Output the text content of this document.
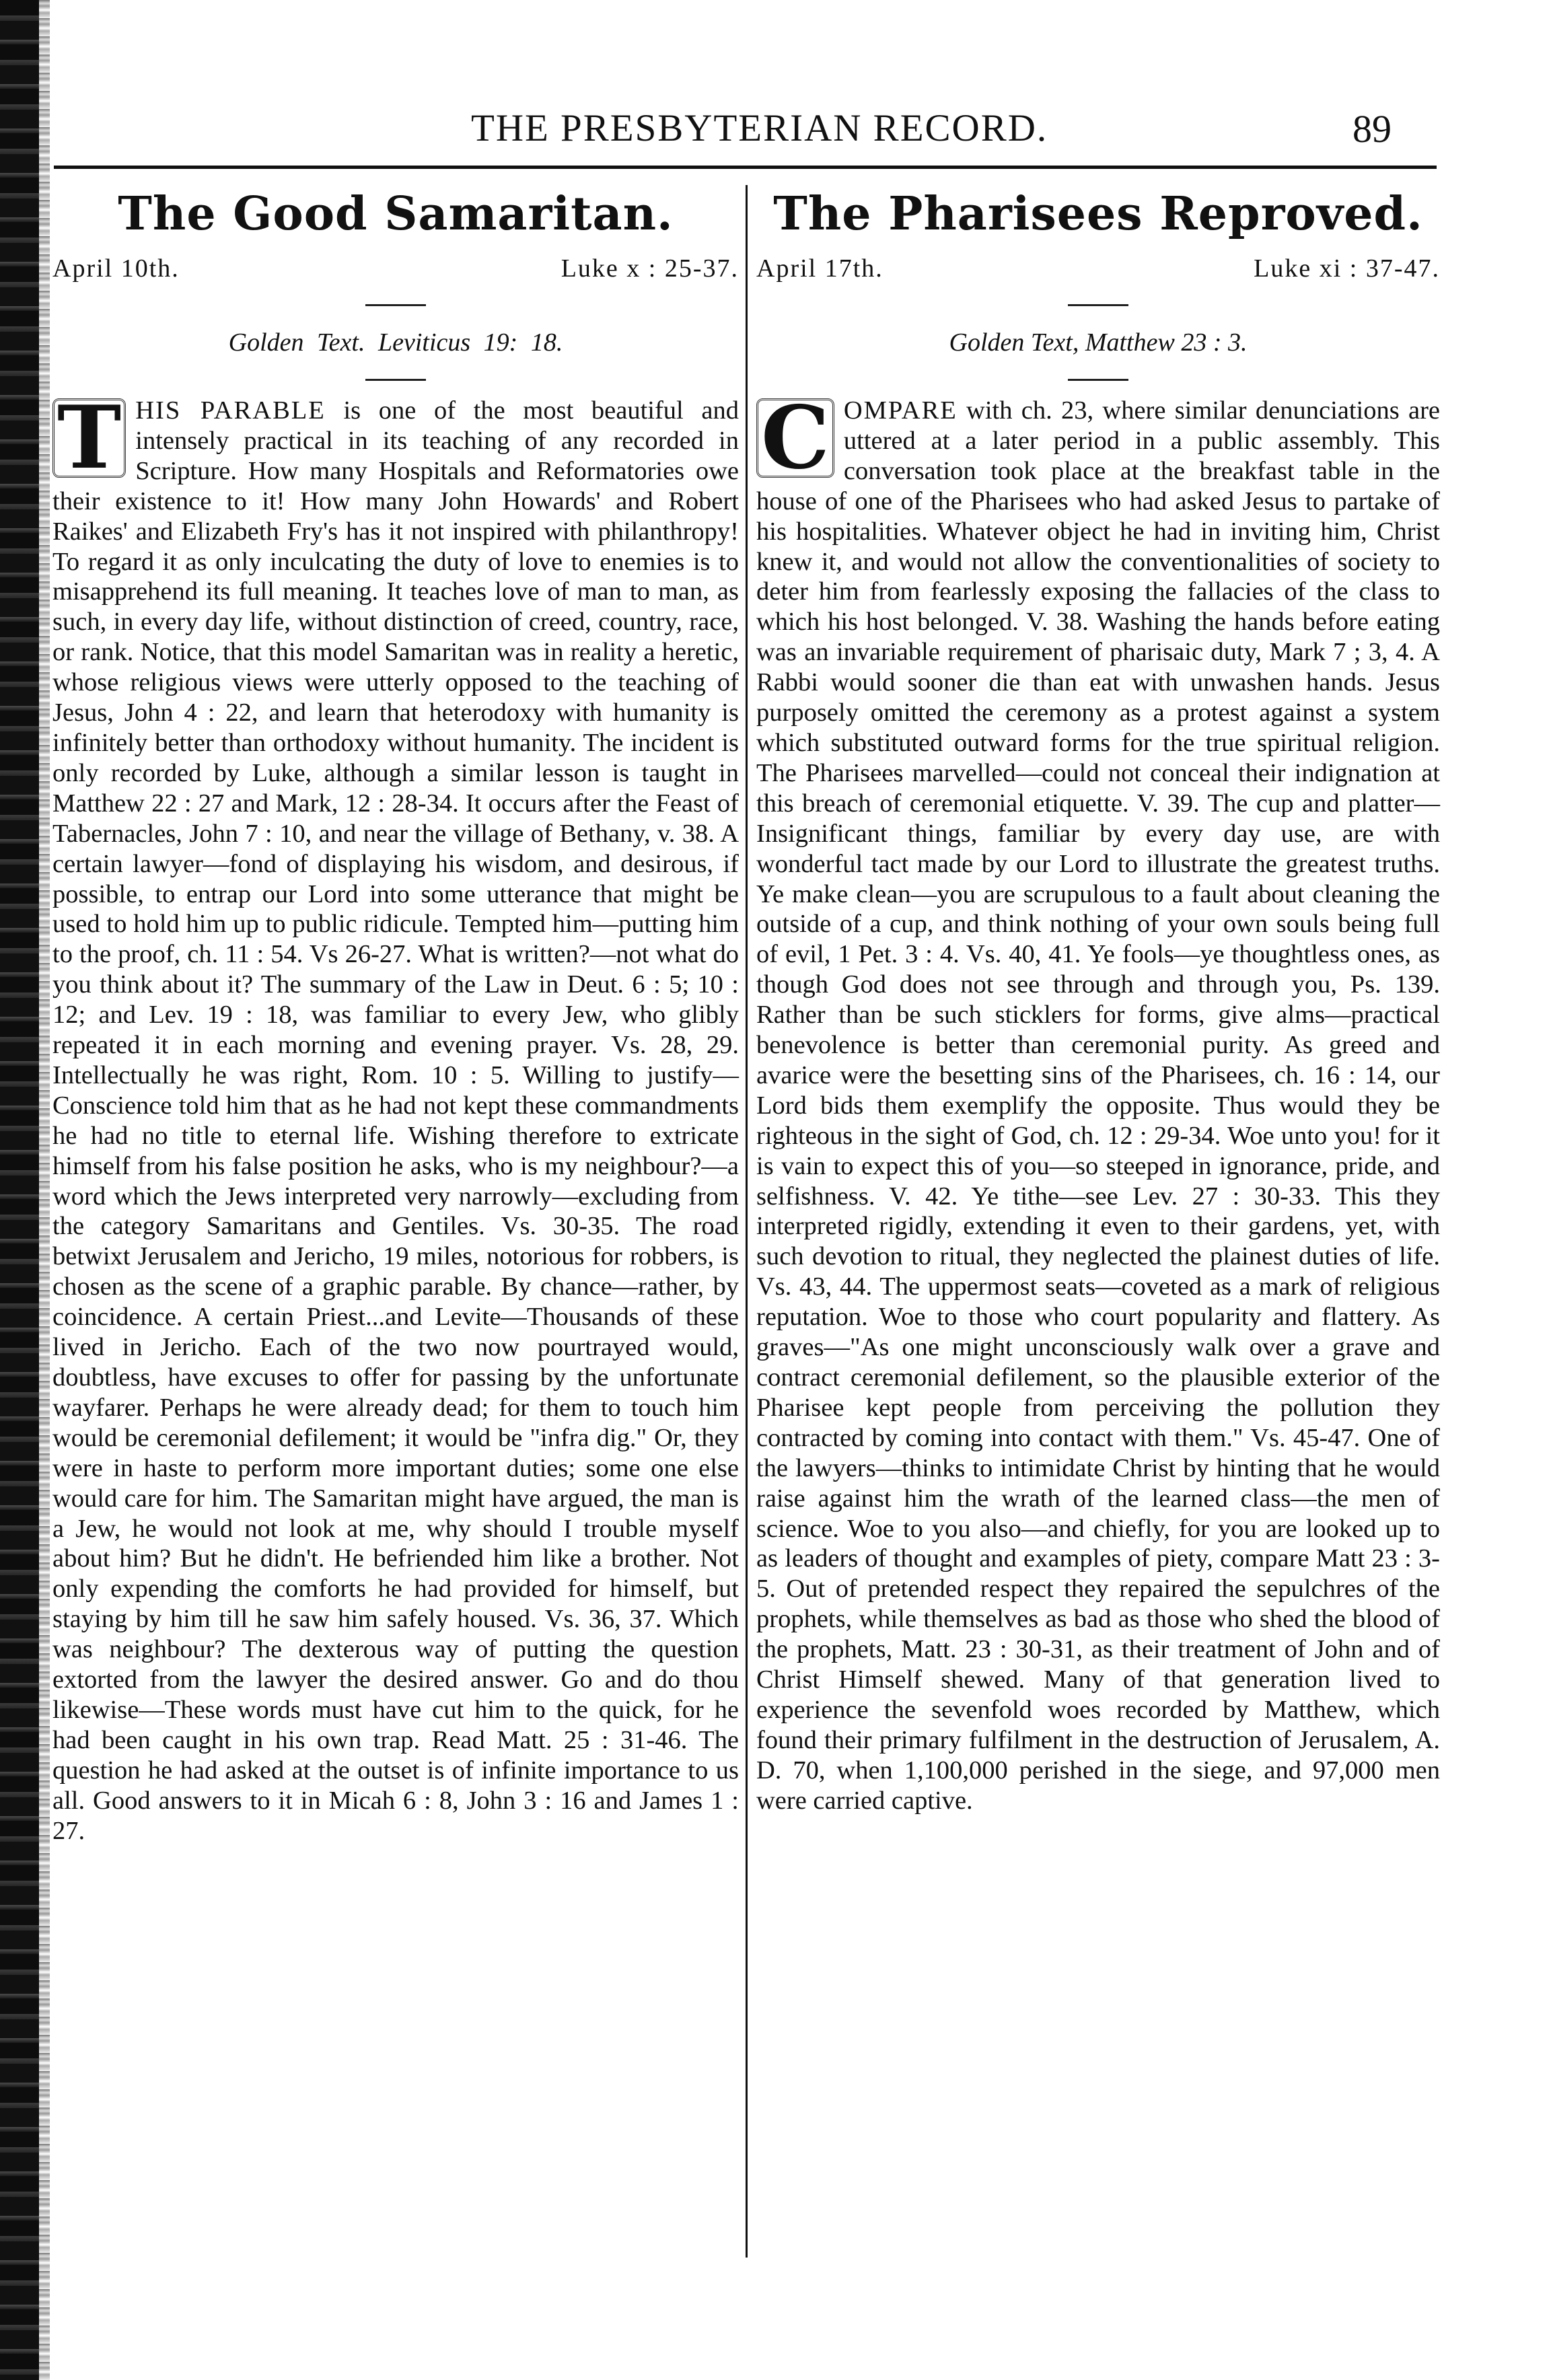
THE PRESBYTERIAN RECORD.	89
The Good Samaritan.
April 10th.	Luke x : 25-37.
Golden Text. Leviticus 19: 18.
T HIS PARABLE is one of the most beautiful and intensely practical in its teaching of any recorded in Scripture. How many Hospitals and Reformatories owe their existence to it! How many John Howards' and Robert Raikes' and Elizabeth Fry's has it not inspired with philanthropy! To regard it as only inculcating the duty of love to enemies is to misapprehend its full meaning. It teaches love of man to man, as such, in every day life, without distinction of creed, country, race, or rank. Notice, that this model Samaritan was in reality a heretic, whose religious views were utterly opposed to the teaching of Jesus, John 4 : 22, and learn that heterodoxy with humanity is infinitely better than orthodoxy without humanity. The incident is only recorded by Luke, although a similar lesson is taught in Matthew 22 : 27 and Mark, 12 : 28-34. It occurs after the Feast of Tabernacles, John 7 : 10, and near the village of Bethany, v. 38. A certain lawyer—fond of displaying his wisdom, and desirous, if possible, to entrap our Lord into some utterance that might be used to hold him up to public ridicule. Tempted him—putting him to the proof, ch. 11 : 54. Vs 26-27. What is written?—not what do you think about it? The summary of the Law in Deut. 6 : 5; 10 : 12; and Lev. 19 : 18, was familiar to every Jew, who glibly repeated it in each morning and evening prayer. Vs. 28, 29. Intellectually he was right, Rom. 10 : 5. Willing to justify—Conscience told him that as he had not kept these commandments he had no title to eternal life. Wishing therefore to extricate himself from his false position he asks, who is my neighbour?—a word which the Jews interpreted very narrowly—excluding from the category Samaritans and Gentiles. Vs. 30-35. The road betwixt Jerusalem and Jericho, 19 miles, notorious for robbers, is chosen as the scene of a graphic parable. By chance—rather, by coincidence. A certain Priest...and Levite—Thousands of these lived in Jericho. Each of the two now pourtrayed would, doubtless, have excuses to offer for passing by the unfortunate wayfarer. Perhaps he were already dead; for them to touch him would be ceremonial defilement; it would be "infra dig." Or, they were in haste to perform more important duties; some one else would care for him. The Samaritan might have argued, the man is a Jew, he would not look at me, why should I trouble myself about him? But he didn't. He befriended him like a brother. Not only expending the comforts he had provided for himself, but staying by him till he saw him safely housed. Vs. 36, 37. Which was neighbour? The dexterous way of putting the question extorted from the lawyer the desired answer. Go and do thou likewise—These words must have cut him to the quick, for he had been caught in his own trap. Read Matt. 25 : 31-46. The question he had asked at the outset is of infinite importance to us all. Good answers to it in Micah 6 : 8, John 3 : 16 and James 1 : 27.
The Pharisees Reproved.
April 17th.	Luke xi : 37-47.
Golden Text, Matthew 23 : 3.
C OMPARE with ch. 23, where similar denunciations are uttered at a later period in a public assembly. This conversation took place at the breakfast table in the house of one of the Pharisees who had asked Jesus to partake of his hospitalities. Whatever object he had in inviting him, Christ knew it, and would not allow the conventionalities of society to deter him from fearlessly exposing the fallacies of the class to which his host belonged. V. 38. Washing the hands before eating was an invariable requirement of pharisaic duty, Mark 7 ; 3, 4. A Rabbi would sooner die than eat with unwashen hands. Jesus purposely omitted the ceremony as a protest against a system which substituted outward forms for the true spiritual religion. The Pharisees marvelled—could not conceal their indignation at this breach of ceremonial etiquette. V. 39. The cup and platter—Insignificant things, familiar by every day use, are with wonderful tact made by our Lord to illustrate the greatest truths. Ye make clean—you are scrupulous to a fault about cleaning the outside of a cup, and think nothing of your own souls being full of evil, 1 Pet. 3 : 4. Vs. 40, 41. Ye fools—ye thoughtless ones, as though God does not see through and through you, Ps. 139. Rather than be such sticklers for forms, give alms—practical benevolence is better than ceremonial purity. As greed and avarice were the besetting sins of the Pharisees, ch. 16 : 14, our Lord bids them exemplify the opposite. Thus would they be righteous in the sight of God, ch. 12 : 29-34. Woe unto you! for it is vain to expect this of you—so steeped in ignorance, pride, and selfishness. V. 42. Ye tithe—see Lev. 27 : 30-33. This they interpreted rigidly, extending it even to their gardens, yet, with such devotion to ritual, they neglected the plainest duties of life. Vs. 43, 44. The uppermost seats—coveted as a mark of religious reputation. Woe to those who court popularity and flattery. As graves—"As one might unconsciously walk over a grave and contract ceremonial defilement, so the plausible exterior of the Pharisee kept people from perceiving the pollution they contracted by coming into contact with them." Vs. 45-47. One of the lawyers—thinks to intimidate Christ by hinting that he would raise against him the wrath of the learned class—the men of science. Woe to you also—and chiefly, for you are looked up to as leaders of thought and examples of piety, compare Matt 23 : 3-5. Out of pretended respect they repaired the sepulchres of the prophets, while themselves as bad as those who shed the blood of the prophets, Matt. 23 : 30-31, as their treatment of John and of Christ Himself shewed. Many of that generation lived to experience the sevenfold woes recorded by Matthew, which found their primary fulfilment in the destruction of Jerusalem, A. D. 70, when 1,100,000 perished in the siege, and 97,000 men were carried captive.
